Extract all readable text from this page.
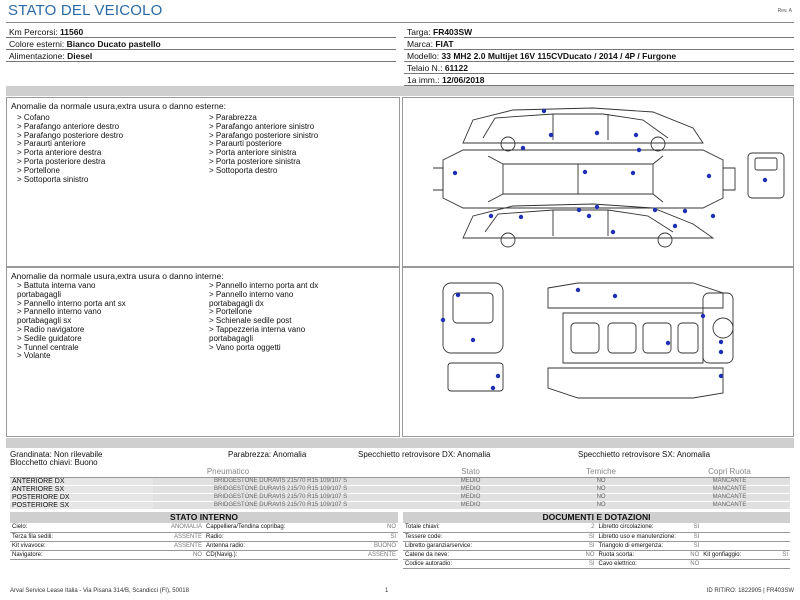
STATO DEL VEICOLO	Rev. A
Km Percorsi: 11560
Colore esterni: Bianco Ducato pastello
Alimentazione: Diesel
Targa: FR403SW
Marca: FIAT
Modello: 33 MH2 2.0 Multijet 16V 115CVDucato / 2014 / 4P / Furgone
Telaio N.: 61122
1a imm.: 12/06/2018
Anomalie da normale usura,extra usura o danno esterne:
> Cofano
> Parafango anteriore destro
> Parafango posteriore destro
> Paraurti anteriore
> Porta anteriore destra
> Porta posteriore destra
> Portellone
> Sottoporta sinistro
> Parabrezza
> Parafango anteriore sinistro
> Parafango posteriore sinistro
> Paraurti posteriore
> Porta anteriore sinistra
> Porta posteriore sinistra
> Sottoporta destro
Anomalie da normale usura,extra usura o danno interne:
> Battuta interna vano
portabagagli
> Pannello interno porta ant sx
> Pannello interno vano
portabagagli sx
> Radio navigatore
> Sedile guidatore
> Tunnel centrale
> Volante
> Pannello interno porta ant dx
> Pannello interno vano
portabagagli dx
> Portellone
> Schienale sedile post
> Tappezzeria interna vano
portabagagli
> Vano porta oggetti
Grandinata: Non rilevabile	Parabrezza: Anomalia	Specchietto retrovisore DX: Anomalia	Specchietto retrovisore SX: Anomalia
Blocchetto chiavi: Buono
Pneumatico		Stato	Temiche	Copri Ruota
ANTERIORE DX	BRIDGESTONE DURAVIS 215/70 R15 109/107 S	MEDIO	NO	MANCANTE
ANTERIORE SX	BRIDGESTONE DURAVIS 215/70 R15 109/107 S	MEDIO	NO	MANCANTE
POSTERIORE DX	BRIDGESTONE DURAVIS 215/70 R15 109/107 S	MEDIO	NO	MANCANTE
POSTERIORE SX	BRIDGESTONE DURAVIS 215/70 R15 109/107 S	MEDIO	NO	MANCANTE
STATO INTERNO
Cielo:	ANOMALIA	Cappelliera/Tendina copribag:	NO
Terza fila sedili:	ASSENTE	Radio:	SI
Kit vivavoce:	ASSENTE	Antenna radio:	BUONO
Navigatore:	NO	CD(Navig.):	ASSENTE
DOCUMENTI E DOTAZIONI
Totale chiavi:	2	Libretto circolazione:	SI		
Tessere code:	SI	Libretto uso e manutenzione:	SI		
Libretto garanzia/service:	SI	Triangolo di emergenza:	SI		
Catene da neve:	NO	Ruota scorta:	NO	Kit gonfiaggio:	SI
Codice autoradio:	SI	Cavo elettrico:	NO		
Arval Service Lease Italia - Via Pisana 314/B, Scandicci (FI), 50018	1	ID RITIRO: 1822905 | FR403SW
